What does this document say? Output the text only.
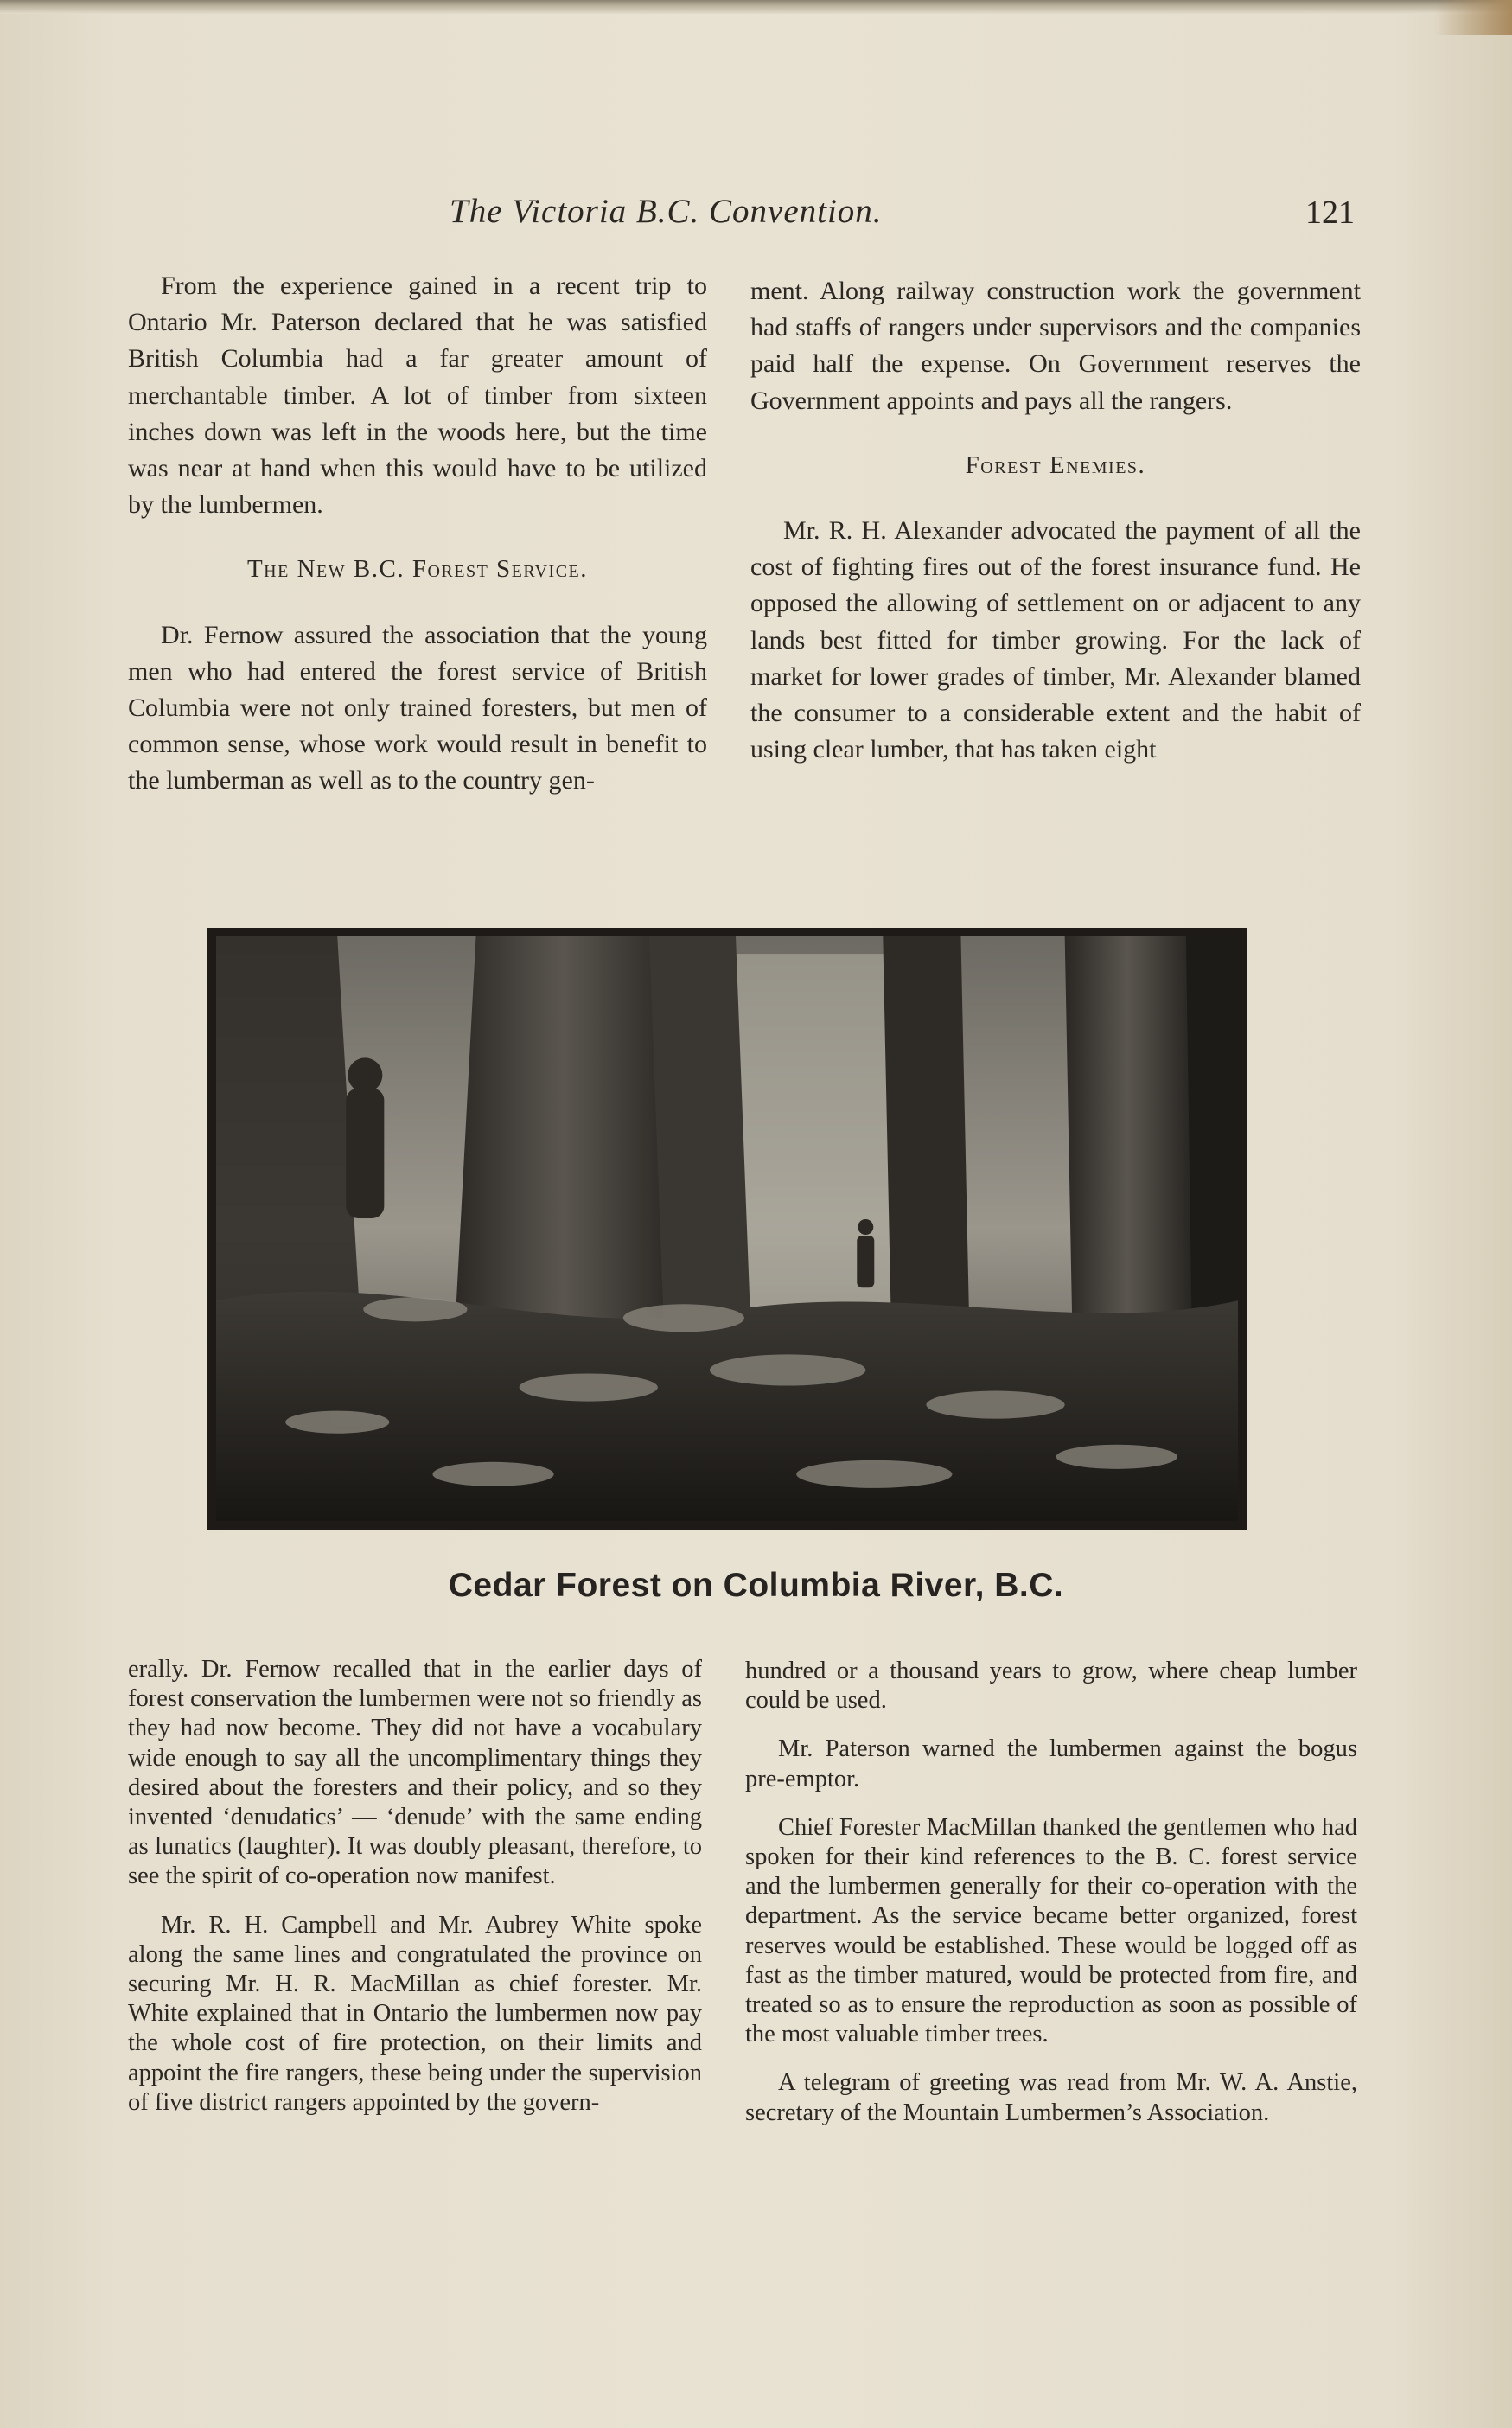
The Victoria B.C. Convention.	121

From the experience gained in a recent trip to Ontario Mr. Paterson declared that he was satisfied British Columbia had a far greater amount of merchantable timber. A lot of timber from sixteen inches down was left in the woods here, but the time was near at hand when this would have to be utilized by the lumbermen.

The New B.C. Forest Service.

Dr. Fernow assured the association that the young men who had entered the forest service of British Columbia were not only trained foresters, but men of common sense, whose work would result in benefit to the lumberman as well as to the country gen-

ment. Along railway construction work the government had staffs of rangers under supervisors and the companies paid half the expense. On Government reserves the Government appoints and pays all the rangers.

Forest Enemies.

Mr. R. H. Alexander advocated the payment of all the cost of fighting fires out of the forest insurance fund. He opposed the allowing of settlement on or adjacent to any lands best fitted for timber growing. For the lack of market for lower grades of timber, Mr. Alexander blamed the consumer to a considerable extent and the habit of using clear lumber, that has taken eight

Cedar Forest on Columbia River, B.C.

erally. Dr. Fernow recalled that in the earlier days of forest conservation the lumbermen were not so friendly as they had now become. They did not have a vocabulary wide enough to say all the uncomplimentary things they desired about the foresters and their policy, and so they invented ‘denudatics’ — ‘denude’ with the same ending as lunatics (laughter). It was doubly pleasant, therefore, to see the spirit of co-operation now manifest.

Mr. R. H. Campbell and Mr. Aubrey White spoke along the same lines and congratulated the province on securing Mr. H. R. MacMillan as chief forester. Mr. White explained that in Ontario the lumbermen now pay the whole cost of fire protection, on their limits and appoint the fire rangers, these being under the supervision of five district rangers appointed by the govern-

hundred or a thousand years to grow, where cheap lumber could be used.

Mr. Paterson warned the lumbermen against the bogus pre-emptor.

Chief Forester MacMillan thanked the gentlemen who had spoken for their kind references to the B. C. forest service and the lumbermen generally for their co-operation with the department. As the service became better organized, forest reserves would be established. These would be logged off as fast as the timber matured, would be protected from fire, and treated so as to ensure the reproduction as soon as possible of the most valuable timber trees.

A telegram of greeting was read from Mr. W. A. Anstie, secretary of the Mountain Lumbermen’s Association.
